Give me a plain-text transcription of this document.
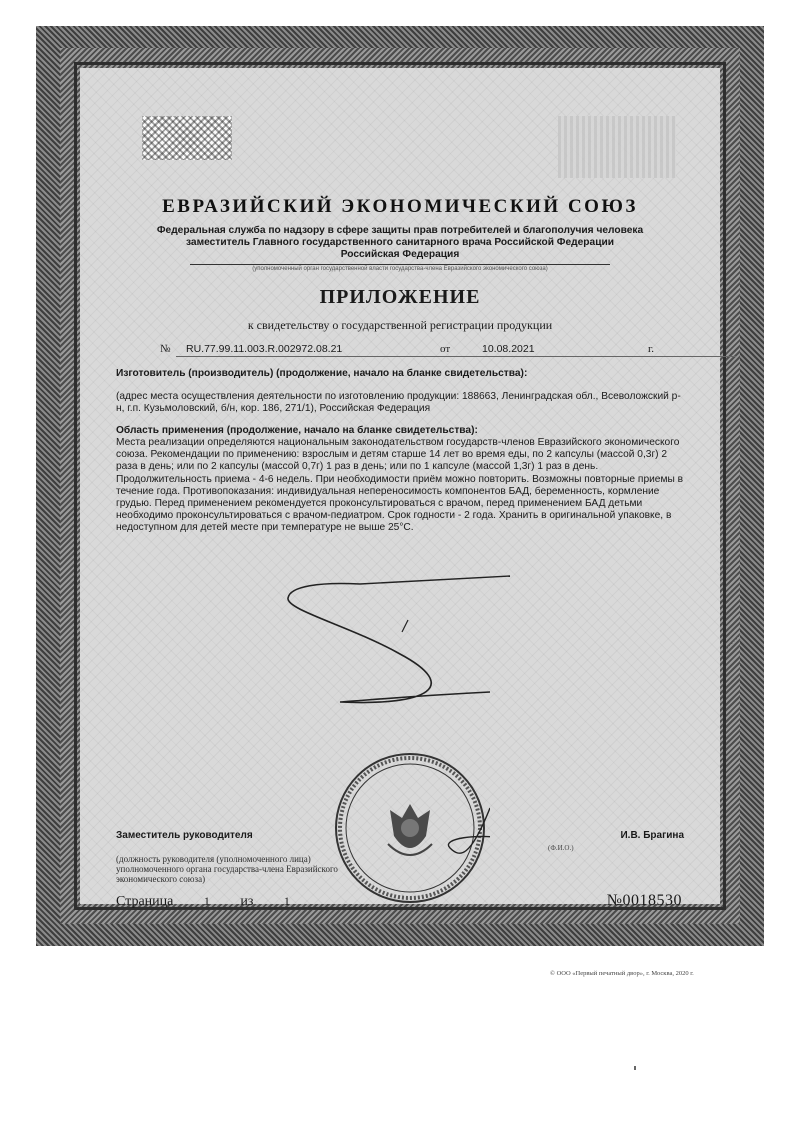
ЕВРАЗИЙСКИЙ ЭКОНОМИЧЕСКИЙ СОЮЗ
Федеральная служба по надзору в сфере защиты прав потребителей и благополучия человека
заместитель Главного государственного санитарного врача Российской Федерации
Российская Федерация
(уполномоченный орган государственной власти государства-члена Евразийского экономического союза)
ПРИЛОЖЕНИЕ
к свидетельству о государственной регистрации продукции
№ RU.77.99.11.003.R.002972.08.21	от	10.08.2021	г.
Изготовитель (производитель) (продолжение, начало на бланке свидетельства):
(адрес места осуществления деятельности по изготовлению продукции: 188663, Ленинградская обл., Всеволожский р-н, г.п. Кузьмоловский, б/н, кор. 186, 271/1), Российская Федерация
Область применения (продолжение, начало на бланке свидетельства):
Места реализации определяются национальным законодательством государств-членов Евразийского экономического союза. Рекомендации по применению: взрослым и детям старше 14 лет во время еды, по 2 капсулы (массой 0,3г) 2 раза в день; или по 2 капсулы (массой 0,7г) 1 раз в день; или по 1 капсуле (массой 1,3г) 1 раз в день. Продолжительность приема - 4-6 недель. При необходимости приём можно повторить. Возможны повторные приемы в течение года. Противопоказания: индивидуальная непереносимость компонентов БАД, беременность, кормление грудью. Перед применением рекомендуется проконсультироваться с врачом, перед применением БАД детьми необходимо проконсультироваться с врачом-педиатром. Срок годности - 2 года. Хранить в оригинальной упаковке, в недоступном для детей месте при температуре не выше 25°С.
Заместитель руководителя	И.В. Брагина
(Ф.И.О.)
(должность руководителя (уполномоченного лица) уполномоченного органа государства-члена Евразийского экономического союза)
Страница	1 из	1	№0018530
© ООО «Первый печатный двор», г. Москва, 2020 г.
